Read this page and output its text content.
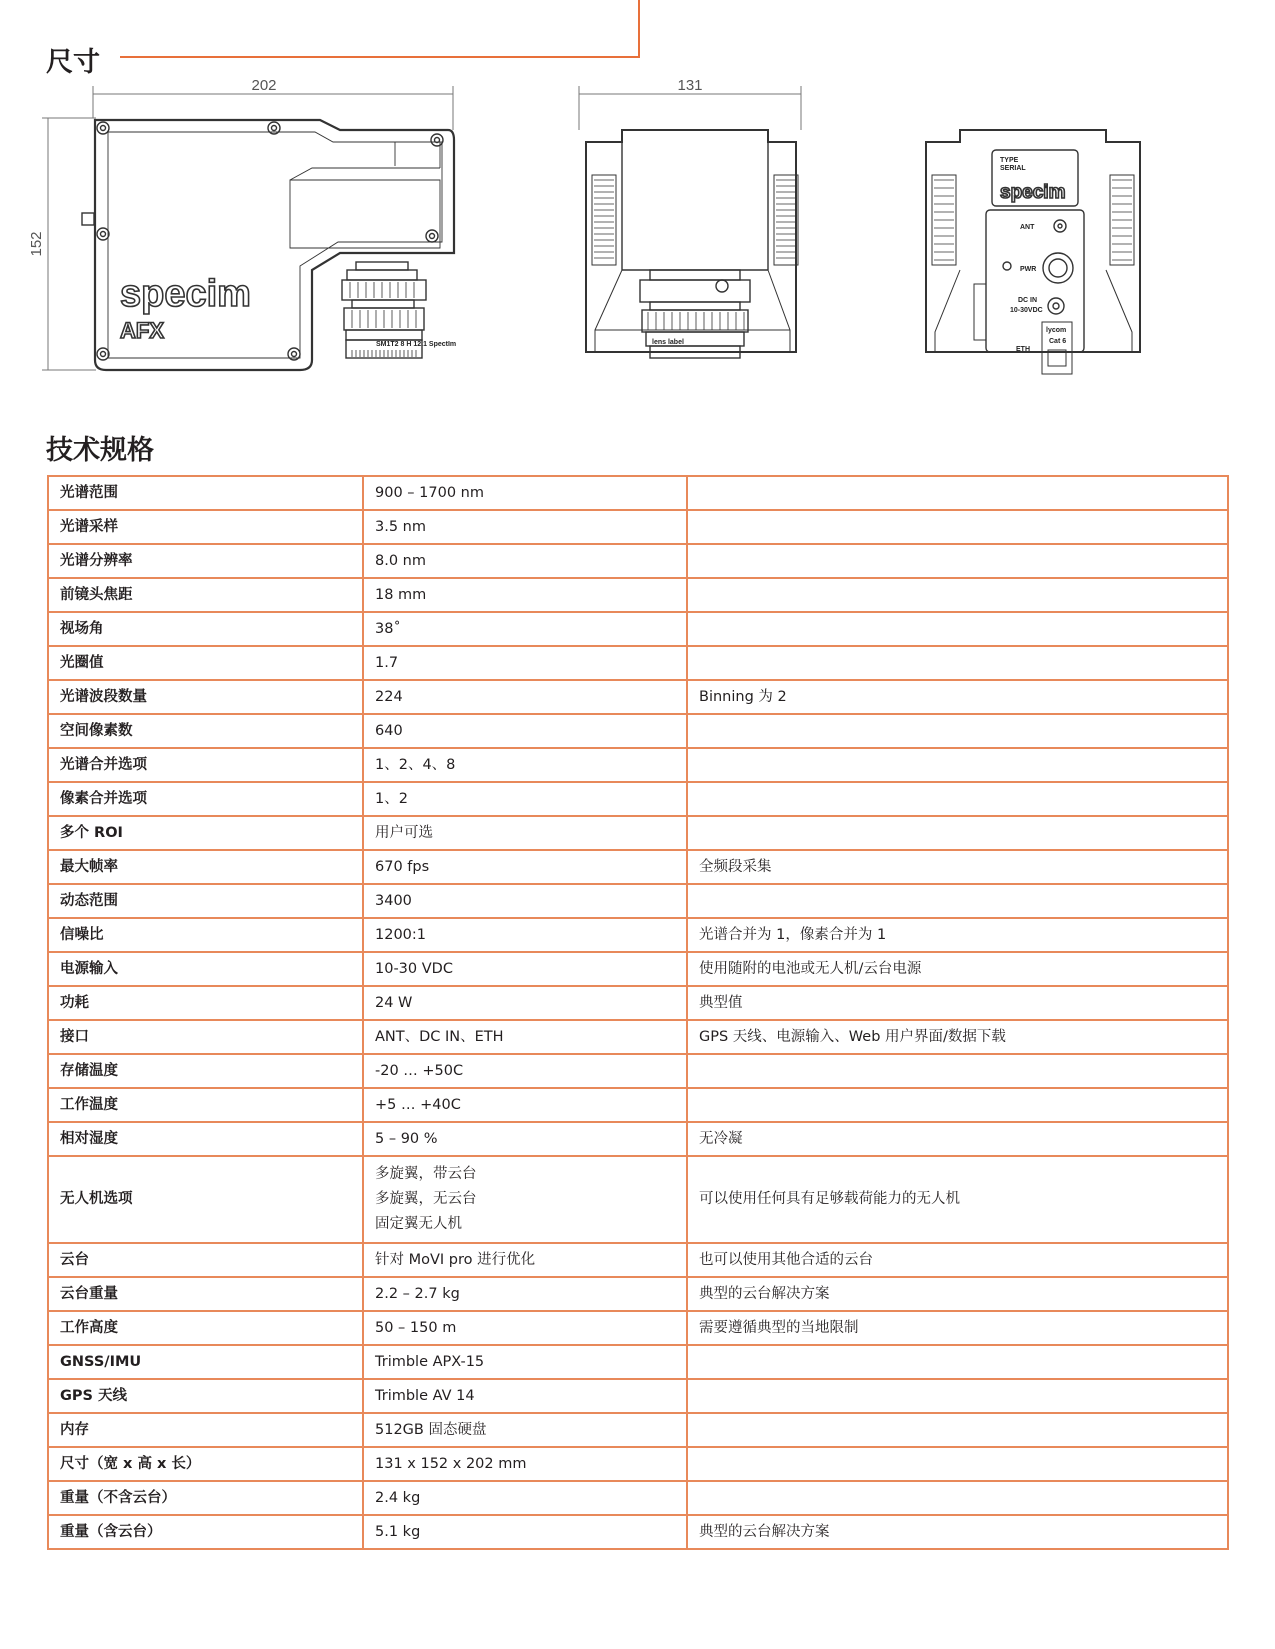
尺寸
202
152
131
specim
AFX
SM1T2 8 H 12.1 SpectIm	lens label
TYPE
SERIAL
specim
ANT
PWR
DC IN
10-30VDC
ETH
lycom
Cat 6
技术规格
光谱范围	900 – 1700 nm	

光谱采样	3.5 nm	

光谱分辨率	8.0 nm	

前镜头焦距	18 mm	

视场角	38˚	

光圈值	1.7	

光谱波段数量	224	Binning 为 2
空间像素数	640	

光谱合并选项	1、2、4、8	

像素合并选项	1、2	

多个 ROI	用户可选	

最大帧率	670 fps	全频段采集
动态范围	3400	

信噪比	1200:1	光谱合并为 1，像素合并为 1
电源输入	10-30 VDC	使用随附的电池或无人机/云台电源
功耗	24 W	典型值
接口	ANT、DC IN、ETH	GPS 天线、电源输入、Web 用户界面/数据下载
存储温度	-20 … +50C	

工作温度	+5 … +40C	

相对湿度	5 – 90 %	无冷凝
无人机选项	多旋翼，带云台
多旋翼，无云台
固定翼无人机	可以使用任何具有足够载荷能力的无人机
云台	针对 MoVI pro 进行优化	也可以使用其他合适的云台
云台重量	2.2 – 2.7 kg	典型的云台解决方案
工作高度	50 – 150 m	需要遵循典型的当地限制
GNSS/IMU	Trimble APX-15	

GPS 天线	Trimble AV 14	

内存	512GB 固态硬盘	

尺寸（宽 x 高 x 长）	131 x 152 x 202 mm	

重量（不含云台）	2.4 kg	

重量（含云台）	5.1 kg	典型的云台解决方案
